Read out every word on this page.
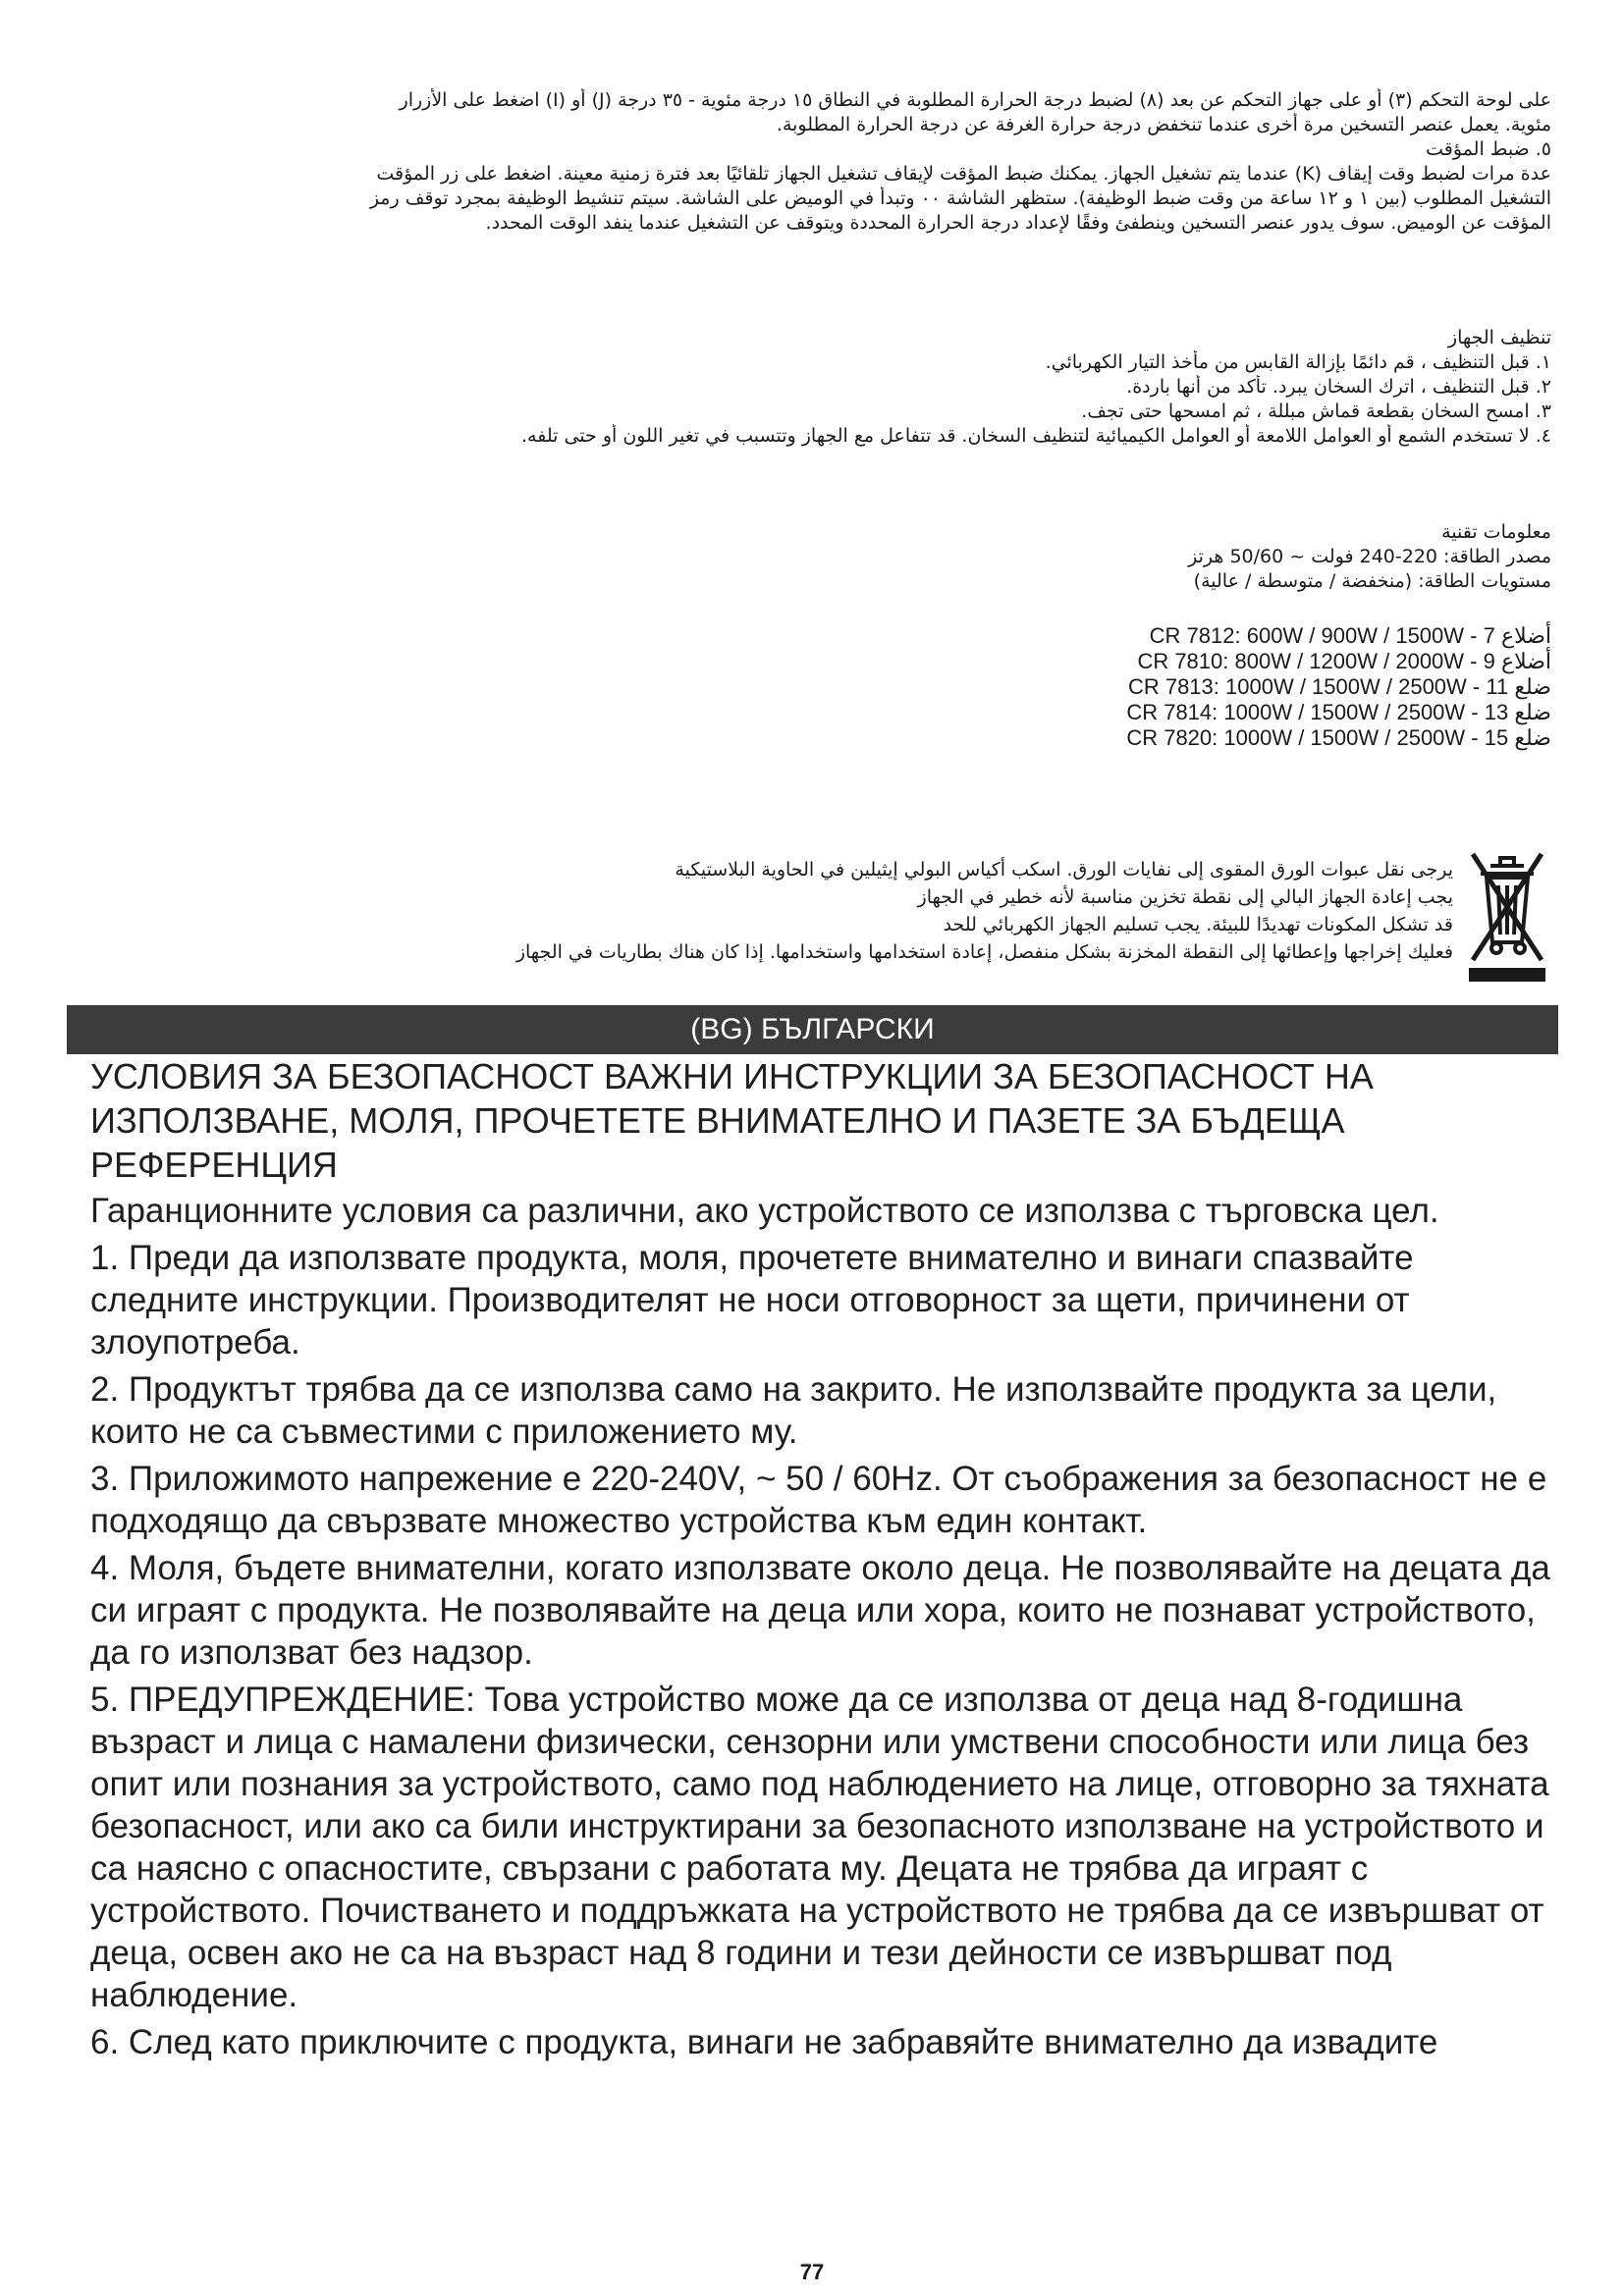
على لوحة التحكم (٣) أو على جهاز التحكم عن بعد (٨) لضبط درجة الحرارة المطلوبة في النطاق ١٥ درجة مئوية - ٣٥ درجة (J) أو (I) اضغط على الأزرار

مئوية. يعمل عنصر التسخين مرة أخرى عندما تنخفض درجة حرارة الغرفة عن درجة الحرارة المطلوبة.

٥. ضبط المؤقت

عدة مرات لضبط وقت إيقاف (K) عندما يتم تشغيل الجهاز. يمكنك ضبط المؤقت لإيقاف تشغيل الجهاز تلقائيًا بعد فترة زمنية معينة. اضغط على زر المؤقت

التشغيل المطلوب (بين ١ و ١٢ ساعة من وقت ضبط الوظيفة). ستظهر الشاشة ٠٠ وتبدأ في الوميض على الشاشة. سيتم تنشيط الوظيفة بمجرد توقف رمز

المؤقت عن الوميض. سوف يدور عنصر التسخين وينطفئ وفقًا لإعداد درجة الحرارة المحددة ويتوقف عن التشغيل عندما ينفد الوقت المحدد.

تنظيف الجهاز

١. قبل التنظيف ، قم دائمًا بإزالة القابس من مأخذ التيار الكهربائي.

٢. قبل التنظيف ، اترك السخان يبرد. تأكد من أنها باردة.

٣. امسح السخان بقطعة قماش مبللة ، ثم امسحها حتى تجف.

٤. لا تستخدم الشمع أو العوامل اللامعة أو العوامل الكيميائية لتنظيف السخان. قد تتفاعل مع الجهاز وتتسبب في تغير اللون أو حتى تلفه.

معلومات تقنية

مصدر الطاقة: 220-240 فولت ~ 50/60 هرتز

مستويات الطاقة: (منخفضة / متوسطة / عالية)

CR 7812: 600W / 900W / 1500W - 7 أضلاع

CR 7810: 800W / 1200W / 2000W - 9 أضلاع

CR 7813: 1000W / 1500W / 2500W - 11 ضلع

CR 7814: 1000W / 1500W / 2500W - 13 ضلع

CR 7820: 1000W / 1500W / 2500W - 15 ضلع

يرجى نقل عبوات الورق المقوى إلى نفايات الورق. اسكب أكياس البولي إيثيلين في الحاوية البلاستيكية

يجب إعادة الجهاز البالي إلى نقطة تخزين مناسبة لأنه خطير في الجهاز

قد تشكل المكونات تهديدًا للبيئة. يجب تسليم الجهاز الكهربائي للحد

فعليك إخراجها وإعطائها إلى النقطة المخزنة بشكل منفصل، إعادة استخدامها واستخدامها. إذا كان هناك بطاريات في الجهاز

(BG) БЪЛГАРСКИ

УСЛОВИЯ ЗА БЕЗОПАСНОСТ ВАЖНИ ИНСТРУКЦИИ ЗА БЕЗОПАСНОСТ НА ИЗПОЛЗВАНЕ, МОЛЯ, ПРОЧЕТЕТЕ ВНИМАТЕЛНО И ПАЗЕТЕ ЗА БЪДЕЩА РЕФЕРЕНЦИЯ

Гаранционните условия са различни, ако устройството се използва с търговска цел.

1. Преди да използвате продукта, моля, прочетете внимателно и винаги спазвайте следните инструкции. Производителят не носи отговорност за щети, причинени от злоупотреба.

2. Продуктът трябва да се използва само на закрито. Не използвайте продукта за цели, които не са съвместими с приложението му.

3. Приложимото напрежение е 220-240V, ~ 50 / 60Hz. От съображения за безопасност не е подходящо да свързвате множество устройства към един контакт.

4. Моля, бъдете внимателни, когато използвате около деца. Не позволявайте на децата да си играят с продукта. Не позволявайте на деца или хора, които не познават устройството, да го използват без надзор.

5. ПРЕДУПРЕЖДЕНИЕ: Това устройство може да се използва от деца над 8-годишна възраст и лица с намалени физически, сензорни или умствени способности или лица без опит или познания за устройството, само под наблюдението на лице, отговорно за тяхната безопасност, или ако са били инструктирани за безопасното използване на устройството и са наясно с опасностите, свързани с работата му. Децата не трябва да играят с устройството. Почистването и поддръжката на устройството не трябва да се извършват от деца, освен ако не са на възраст над 8 години и тези дейности се извършват под наблюдение.

6. След като приключите с продукта, винаги не забравяйте внимателно да извадите

77
